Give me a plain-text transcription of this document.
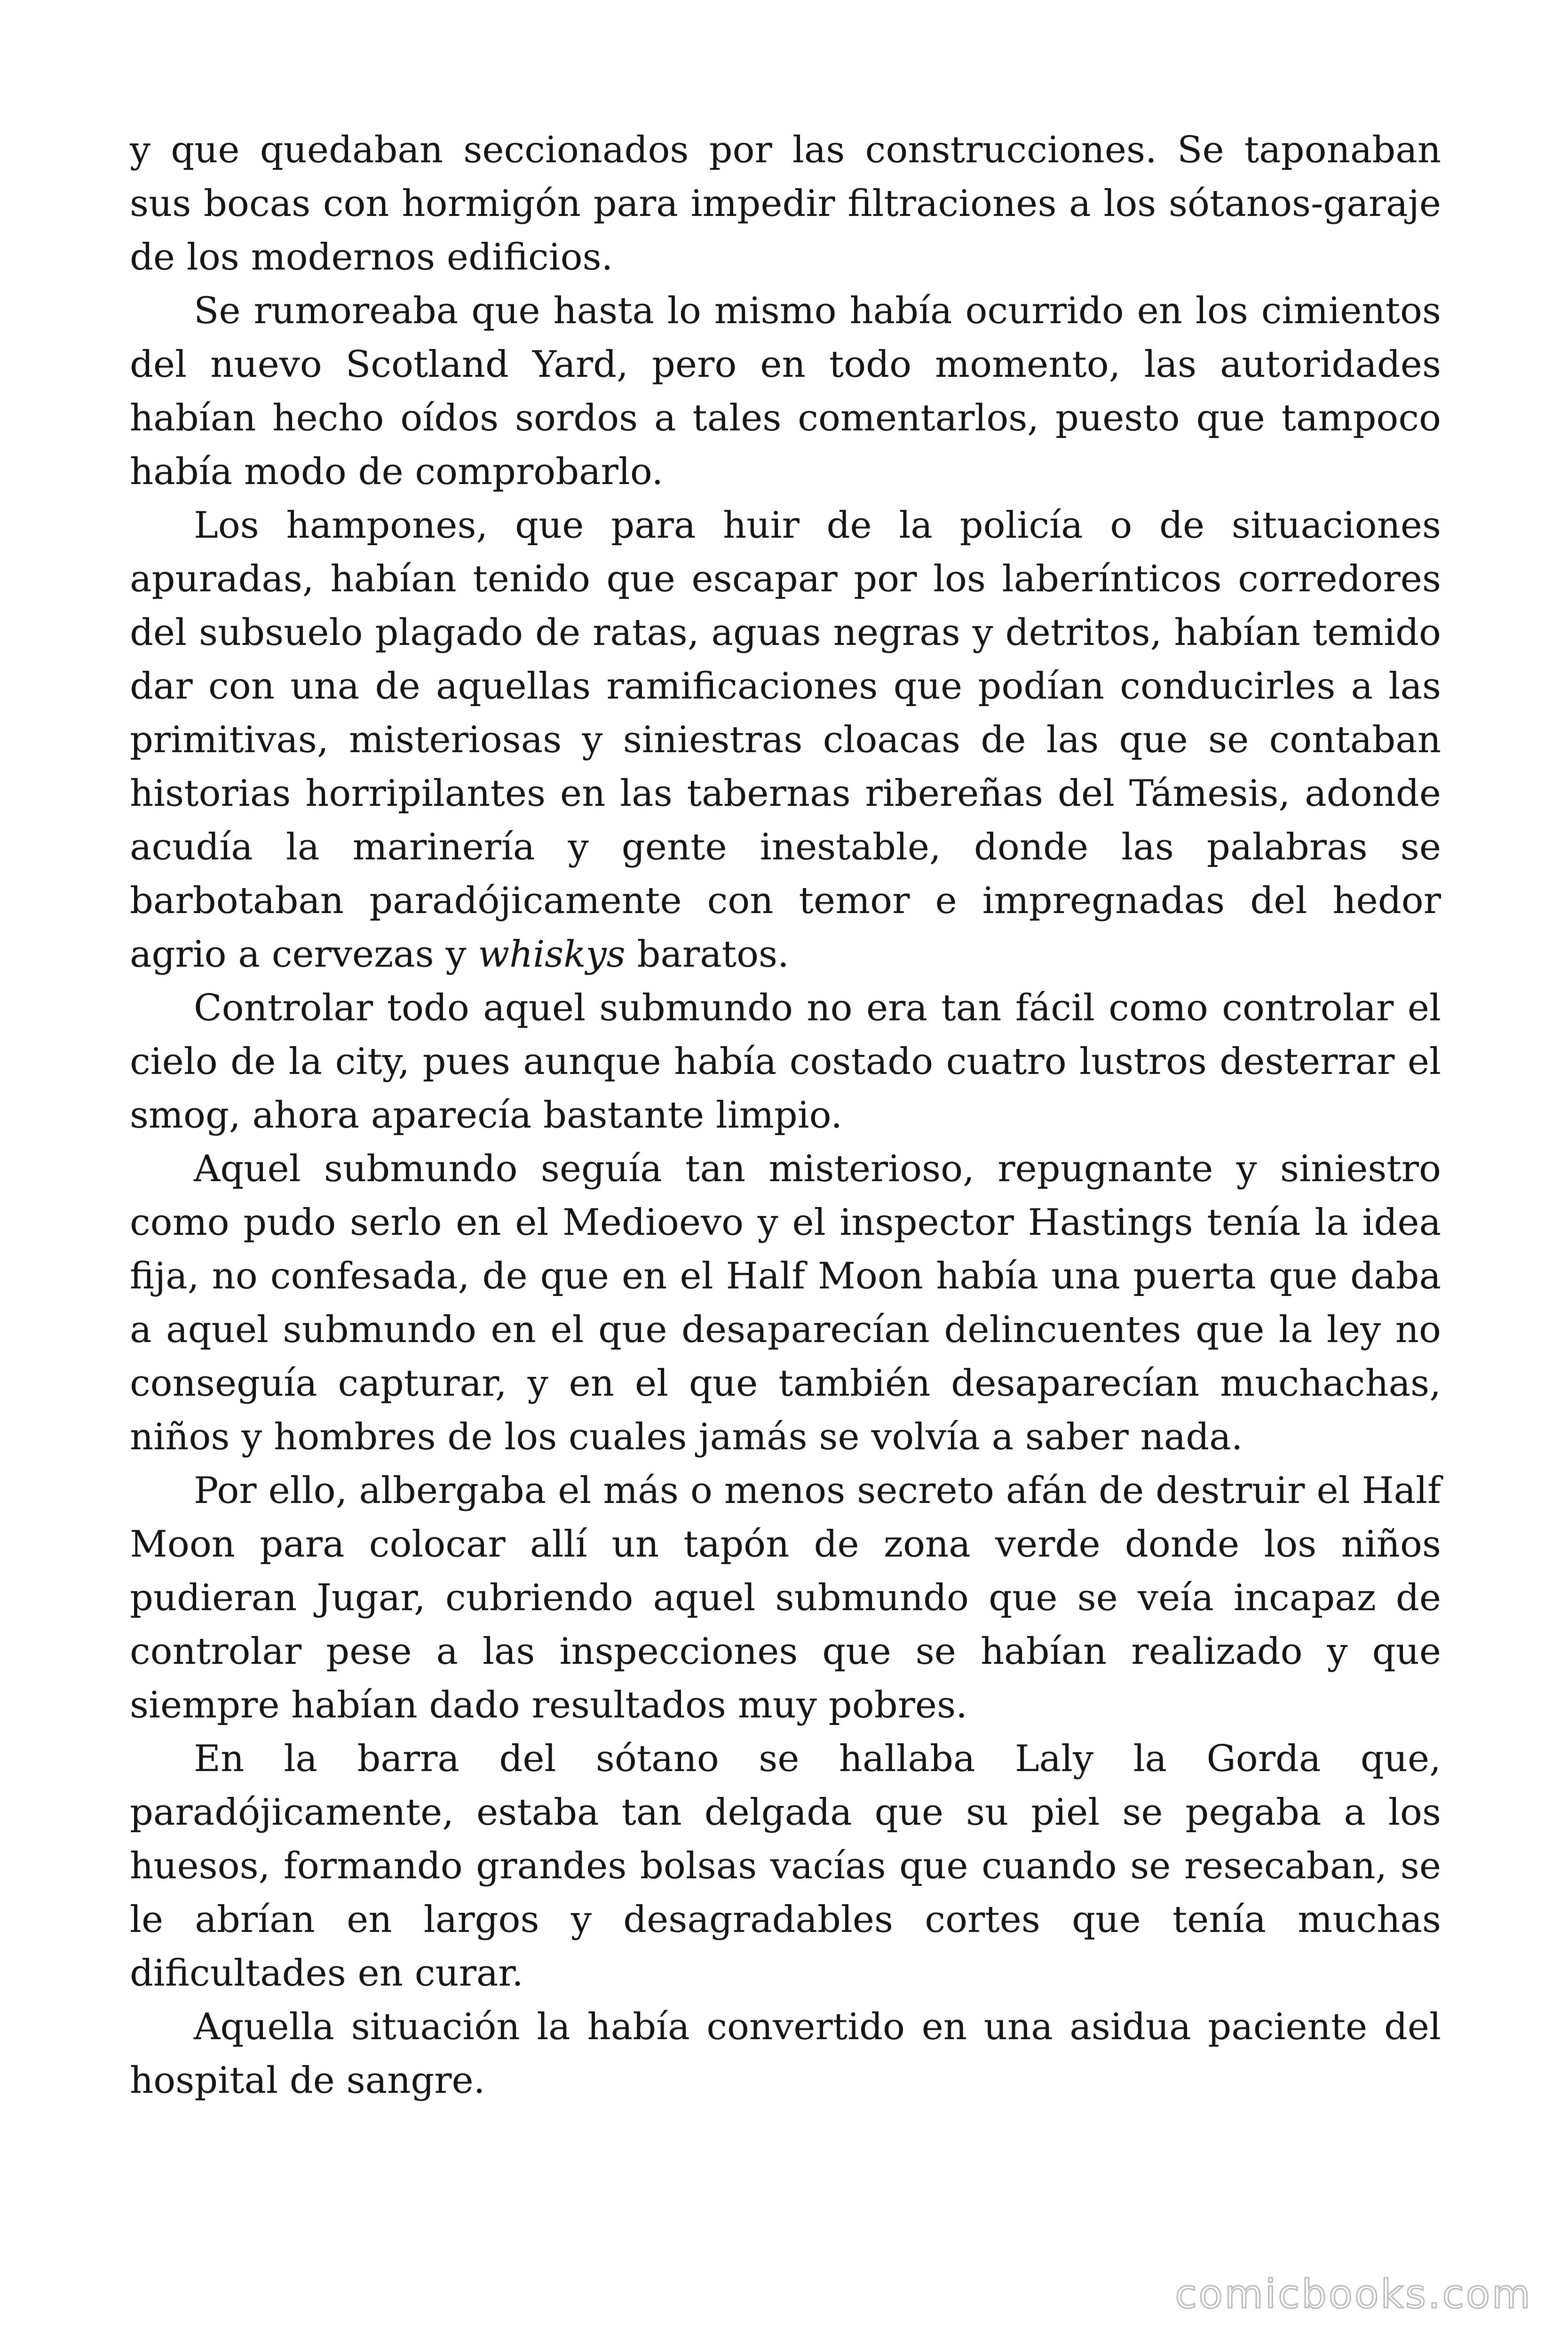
y que quedaban seccionados por las construcciones. Se taponaban sus bocas con hormigón para impedir filtraciones a los sótanos-garaje de los modernos edificios.

Se rumoreaba que hasta lo mismo había ocurrido en los cimientos del nuevo Scotland Yard, pero en todo momento, las autoridades habían hecho oídos sordos a tales comentarlos, puesto que tampoco había modo de comprobarlo.

Los hampones, que para huir de la policía o de situaciones apuradas, habían tenido que escapar por los laberínticos corredores del subsuelo plagado de ratas, aguas negras y detritos, habían temido dar con una de aquellas ramificaciones que podían conducirles a las primitivas, misteriosas y siniestras cloacas de las que se contaban historias horripilantes en las tabernas ribereñas del Támesis, adonde acudía la marinería y gente inestable, donde las palabras se barbotaban paradójicamente con temor e impregnadas del hedor agrio a cervezas y whiskys baratos.

Controlar todo aquel submundo no era tan fácil como controlar el cielo de la city, pues aunque había costado cuatro lustros desterrar el smog, ahora aparecía bastante limpio.

Aquel submundo seguía tan misterioso, repugnante y siniestro como pudo serlo en el Medioevo y el inspector Hastings tenía la idea fija, no confesada, de que en el Half Moon había una puerta que daba a aquel submundo en el que desaparecían delincuentes que la ley no conseguía capturar, y en el que también desaparecían muchachas, niños y hombres de los cuales jamás se volvía a saber nada.

Por ello, albergaba el más o menos secreto afán de destruir el Half Moon para colocar allí un tapón de zona verde donde los niños pudieran Jugar, cubriendo aquel submundo que se veía incapaz de controlar pese a las inspecciones que se habían realizado y que siempre habían dado resultados muy pobres.

En la barra del sótano se hallaba Laly la Gorda que, paradójicamente, estaba tan delgada que su piel se pegaba a los huesos, formando grandes bolsas vacías que cuando se resecaban, se le abrían en largos y desagradables cortes que tenía muchas dificultades en curar.

Aquella situación la había convertido en una asidua paciente del hospital de sangre.

comicbooks.com
